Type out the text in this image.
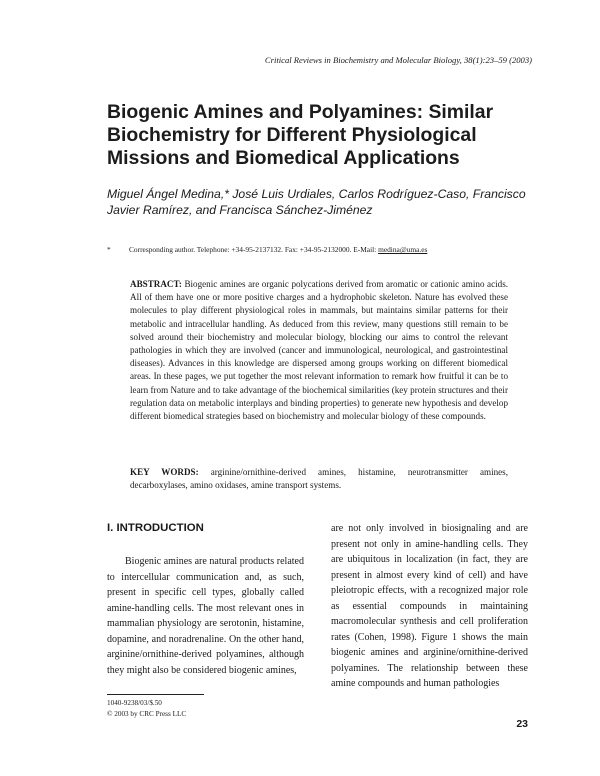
Critical Reviews in Biochemistry and Molecular Biology, 38(1):23–59 (2003)
Biogenic Amines and Polyamines: Similar Biochemistry for Different Physiological Missions and Biomedical Applications
Miguel Ángel Medina,* José Luis Urdiales, Carlos Rodríguez-Caso, Francisco Javier Ramírez, and Francisca Sánchez-Jiménez
* Corresponding author. Telephone: +34-95-2137132. Fax: +34-95-2132000. E-Mail: medina@uma.es
ABSTRACT: Biogenic amines are organic polycations derived from aromatic or cationic amino acids. All of them have one or more positive charges and a hydrophobic skeleton. Nature has evolved these molecules to play different physiological roles in mammals, but maintains similar patterns for their metabolic and intracellular handling. As deduced from this review, many questions still remain to be solved around their biochemistry and molecular biology, blocking our aims to control the relevant pathologies in which they are involved (cancer and immunological, neurological, and gastrointestinal diseases). Advances in this knowledge are dispersed among groups working on different biomedical areas. In these pages, we put together the most relevant information to remark how fruitful it can be to learn from Nature and to take advantage of the biochemical similarities (key protein structures and their regulation data on metabolic interplays and binding properties) to generate new hypothesis and develop different biomedical strategies based on biochemistry and molecular biology of these compounds.
KEY WORDS: arginine/ornithine-derived amines, histamine, neurotransmitter amines, decarboxylases, amino oxidases, amine transport systems.
I. INTRODUCTION
Biogenic amines are natural products related to intercellular communication and, as such, present in specific cell types, globally called amine-handling cells. The most relevant ones in mammalian physiology are serotonin, histamine, dopamine, and noradrenaline. On the other hand, arginine/ornithine-derived polyamines, although they might also be considered biogenic amines,
are not only involved in biosignaling and are present not only in amine-handling cells. They are ubiquitous in localization (in fact, they are present in almost every kind of cell) and have pleiotropic effects, with a recognized major role as essential compounds in maintaining macromolecular synthesis and cell proliferation rates (Cohen, 1998). Figure 1 shows the main biogenic amines and arginine/ornithine-derived polyamines. The relationship between these amine compounds and human pathologies
1040-9238/03/$.50
© 2003 by CRC Press LLC
23
